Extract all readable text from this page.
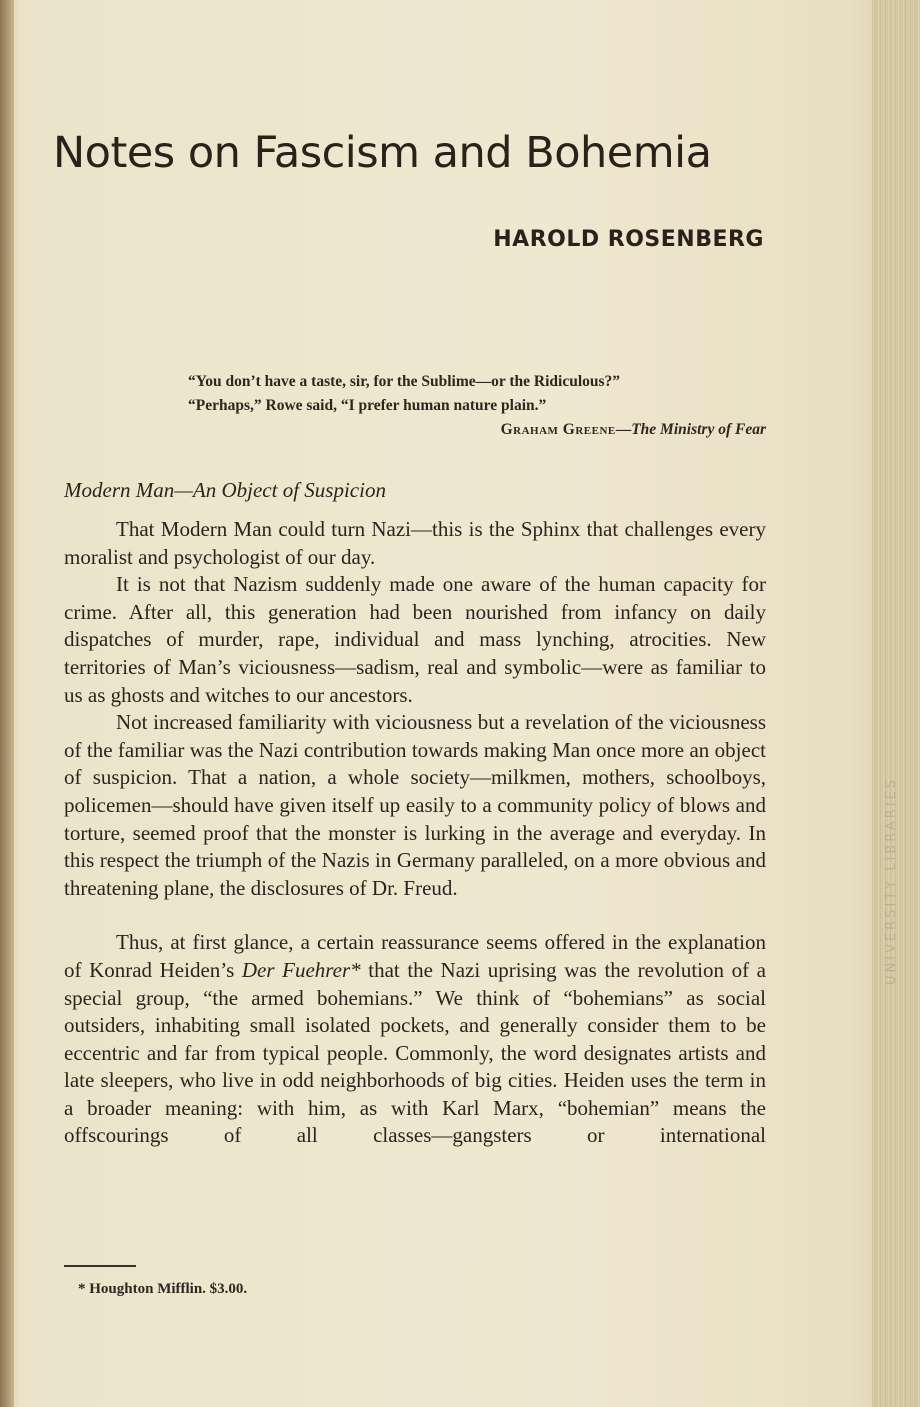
UNIVERSITY LIBRARIES
Notes on Fascism and Bohemia
HAROLD ROSENBERG
“You don’t have a taste, sir, for the Sublime—or the Ridiculous?”
“Perhaps,” Rowe said, “I prefer human nature plain.”
Graham Greene—The Ministry of Fear
Modern Man—An Object of Suspicion

That Modern Man could turn Nazi—this is the Sphinx that challenges every moralist and psychologist of our day.

It is not that Nazism suddenly made one aware of the human capacity for crime. After all, this generation had been nourished from infancy on daily dispatches of murder, rape, individual and mass lynching, atrocities. New territories of Man’s viciousness—sadism, real and symbolic—were as familiar to us as ghosts and witches to our ancestors.

Not increased familiarity with viciousness but a revelation of the viciousness of the familiar was the Nazi contribution towards making Man once more an object of suspicion. That a nation, a whole society—milkmen, mothers, schoolboys, policemen—should have given itself up easily to a community policy of blows and torture, seemed proof that the monster is lurking in the average and everyday. In this respect the triumph of the Nazis in Germany paralleled, on a more obvious and threatening plane, the disclosures of Dr. Freud.

Thus, at first glance, a certain reassurance seems offered in the explanation of Konrad Heiden’s Der Fuehrer* that the Nazi uprising was the revolution of a special group, “the armed bohemians.” We think of “bohemians” as social outsiders, inhabiting small isolated pockets, and generally consider them to be eccentric and far from typical people. Commonly, the word designates artists and late sleepers, who live in odd neighborhoods of big cities. Heiden uses the term in a broader meaning: with him, as with Karl Marx, “bohemian” means the offscourings of all classes—gangsters or international

* Houghton Mifflin. $3.00.
